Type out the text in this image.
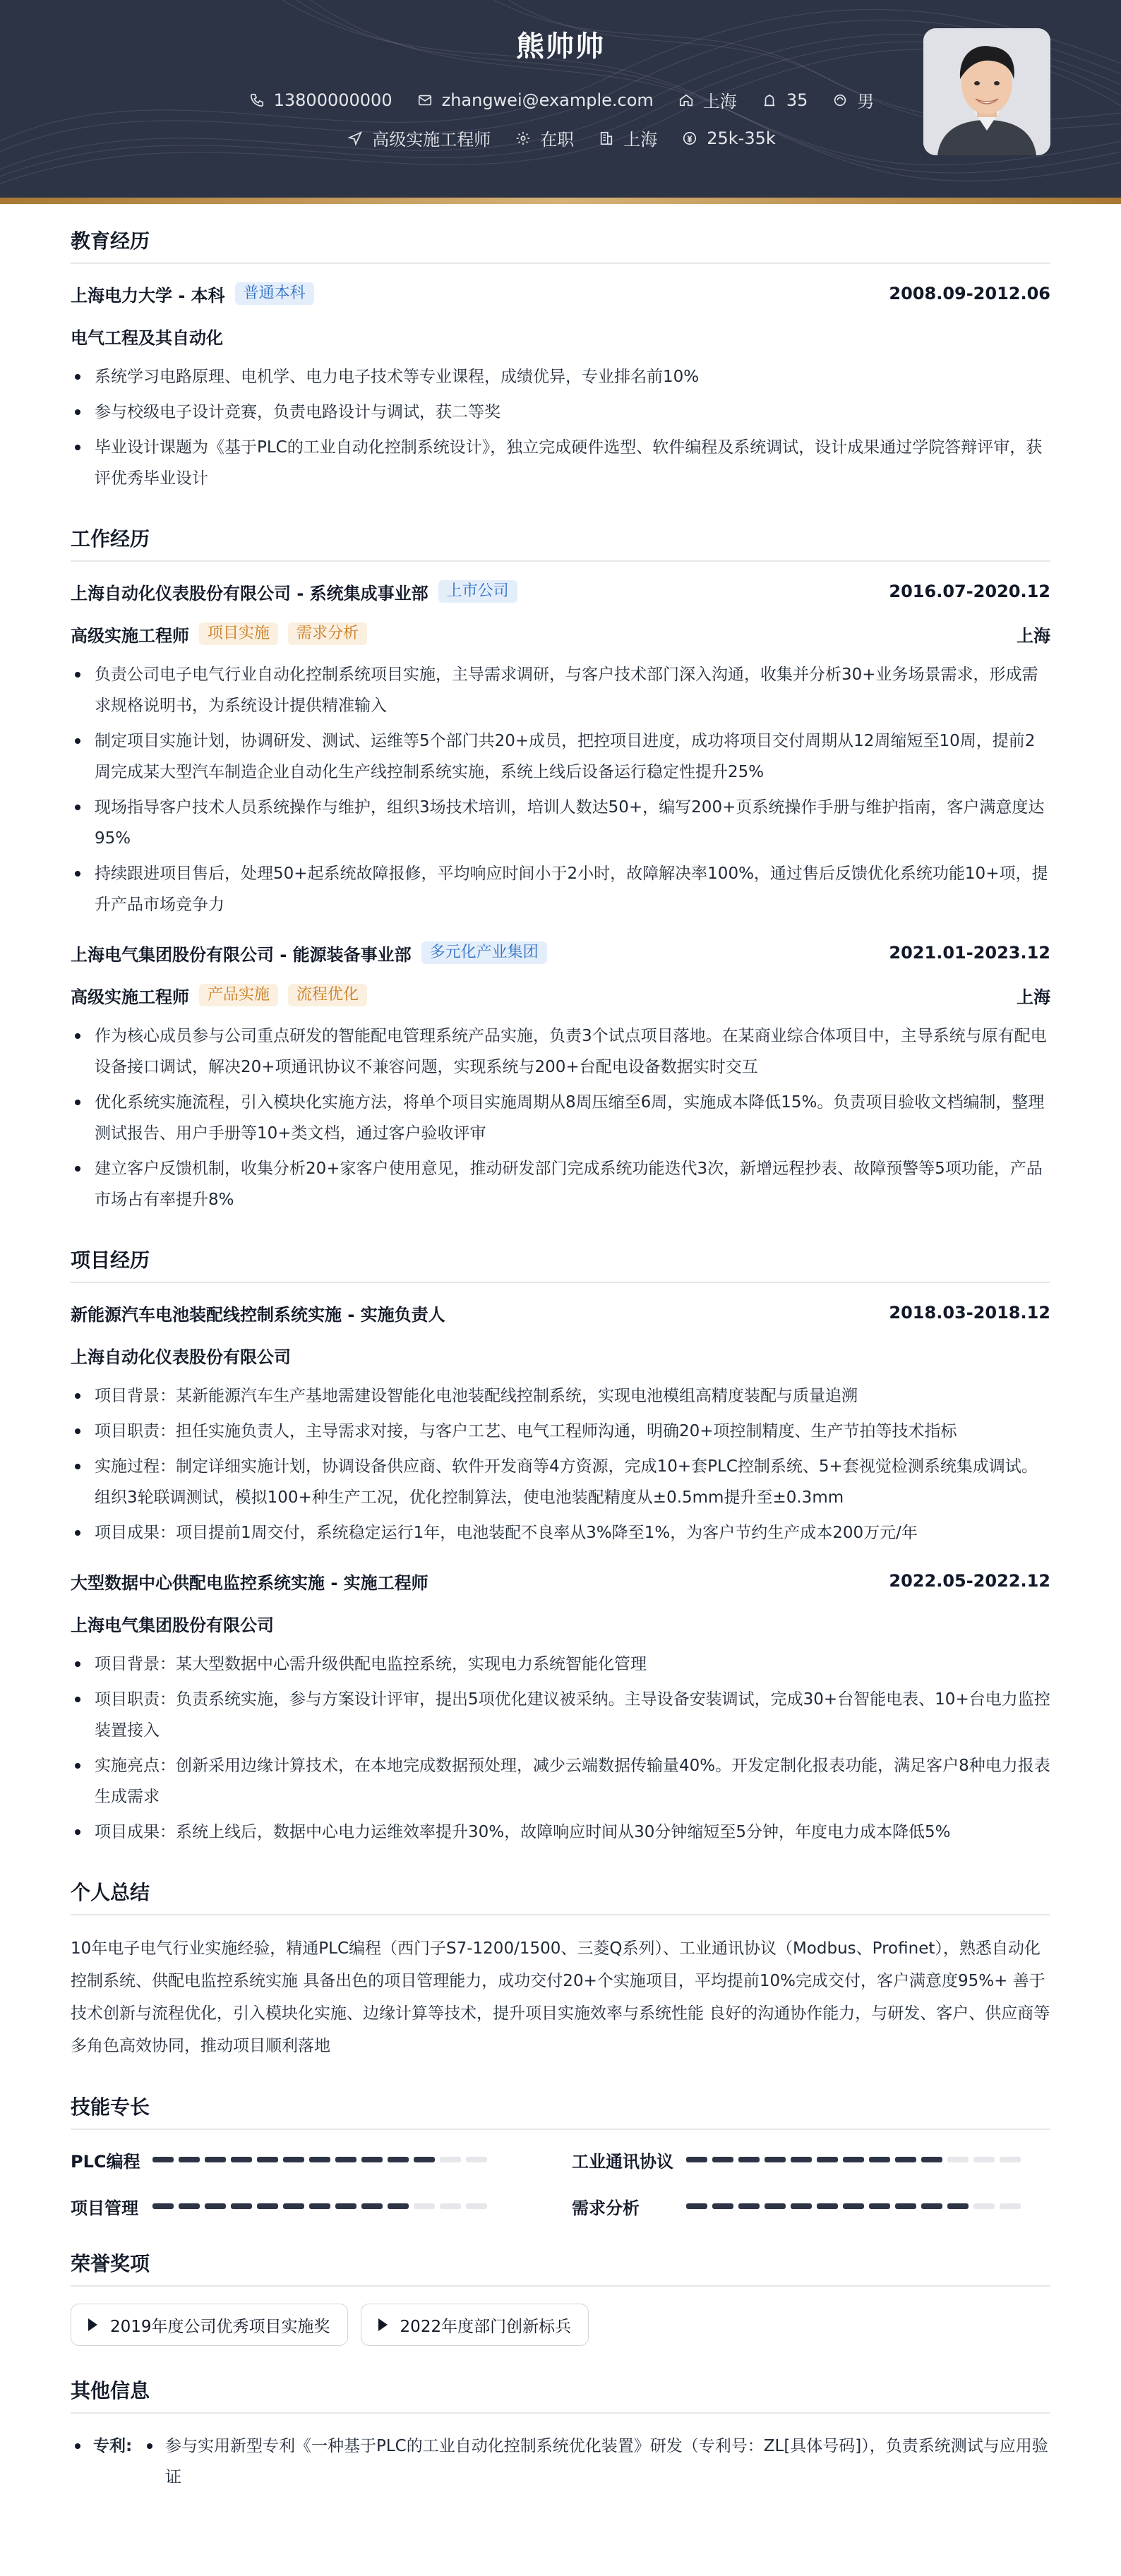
熊帅帅
13800000000	zhangwei@example.com	上海	35	男
高级实施工程师	在职	上海	25k-35k
教育经历
上海电力大学 - 本科	普通本科	2008.09-2012.06
电气工程及其自动化
系统学习电路原理、电机学、电力电子技术等专业课程，成绩优异，专业排名前10%
参与校级电子设计竞赛，负责电路设计与调试，获二等奖
毕业设计课题为《基于PLC的工业自动化控制系统设计》，独立完成硬件选型、软件编程及系统调试，设计成果通过学院答辩评审，获评优秀毕业设计
工作经历
上海自动化仪表股份有限公司 - 系统集成事业部	上市公司	2016.07-2020.12
高级实施工程师	项目实施	需求分析	上海
负责公司电子电气行业自动化控制系统项目实施，主导需求调研，与客户技术部门深入沟通，收集并分析30+业务场景需求，形成需求规格说明书，为系统设计提供精准输入
制定项目实施计划，协调研发、测试、运维等5个部门共20+成员，把控项目进度，成功将项目交付周期从12周缩短至10周，提前2周完成某大型汽车制造企业自动化生产线控制系统实施，系统上线后设备运行稳定性提升25%
现场指导客户技术人员系统操作与维护，组织3场技术培训，培训人数达50+，编写200+页系统操作手册与维护指南，客户满意度达95%
持续跟进项目售后，处理50+起系统故障报修，平均响应时间小于2小时，故障解决率100%，通过售后反馈优化系统功能10+项，提升产品市场竞争力
上海电气集团股份有限公司 - 能源装备事业部	多元化产业集团	2021.01-2023.12
高级实施工程师	产品实施	流程优化	上海
作为核心成员参与公司重点研发的智能配电管理系统产品实施，负责3个试点项目落地。在某商业综合体项目中，主导系统与原有配电设备接口调试，解决20+项通讯协议不兼容问题，实现系统与200+台配电设备数据实时交互
优化系统实施流程，引入模块化实施方法，将单个项目实施周期从8周压缩至6周，实施成本降低15%。负责项目验收文档编制，整理测试报告、用户手册等10+类文档，通过客户验收评审
建立客户反馈机制，收集分析20+家客户使用意见，推动研发部门完成系统功能迭代3次，新增远程抄表、故障预警等5项功能，产品市场占有率提升8%
项目经历
新能源汽车电池装配线控制系统实施 - 实施负责人	2018.03-2018.12
上海自动化仪表股份有限公司
项目背景：某新能源汽车生产基地需建设智能化电池装配线控制系统，实现电池模组高精度装配与质量追溯
项目职责：担任实施负责人，主导需求对接，与客户工艺、电气工程师沟通，明确20+项控制精度、生产节拍等技术指标
实施过程：制定详细实施计划，协调设备供应商、软件开发商等4方资源，完成10+套PLC控制系统、5+套视觉检测系统集成调试。组织3轮联调测试，模拟100+种生产工况，优化控制算法，使电池装配精度从±0.5mm提升至±0.3mm
项目成果：项目提前1周交付，系统稳定运行1年，电池装配不良率从3%降至1%，为客户节约生产成本200万元/年
大型数据中心供配电监控系统实施 - 实施工程师	2022.05-2022.12
上海电气集团股份有限公司
项目背景：某大型数据中心需升级供配电监控系统，实现电力系统智能化管理
项目职责：负责系统实施，参与方案设计评审，提出5项优化建议被采纳。主导设备安装调试，完成30+台智能电表、10+台电力监控装置接入
实施亮点：创新采用边缘计算技术，在本地完成数据预处理，减少云端数据传输量40%。开发定制化报表功能，满足客户8种电力报表生成需求
项目成果：系统上线后，数据中心电力运维效率提升30%，故障响应时间从30分钟缩短至5分钟，年度电力成本降低5%
个人总结
10年电子电气行业实施经验，精通PLC编程（西门子S7-1200/1500、三菱Q系列）、工业通讯协议（Modbus、Profinet），熟悉自动化控制系统、供配电监控系统实施 具备出色的项目管理能力，成功交付20+个实施项目，平均提前10%完成交付，客户满意度95%+ 善于技术创新与流程优化，引入模块化实施、边缘计算等技术，提升项目实施效率与系统性能 良好的沟通协作能力，与研发、客户、供应商等多角色高效协同，推动项目顺利落地
技能专长
PLC编程	工业通讯协议
项目管理	需求分析
荣誉奖项
2019年度公司优秀项目实施奖	2022年度部门创新标兵
其他信息
专利:	参与实用新型专利《一种基于PLC的工业自动化控制系统优化装置》研发（专利号：ZL[具体号码]），负责系统测试与应用验证
